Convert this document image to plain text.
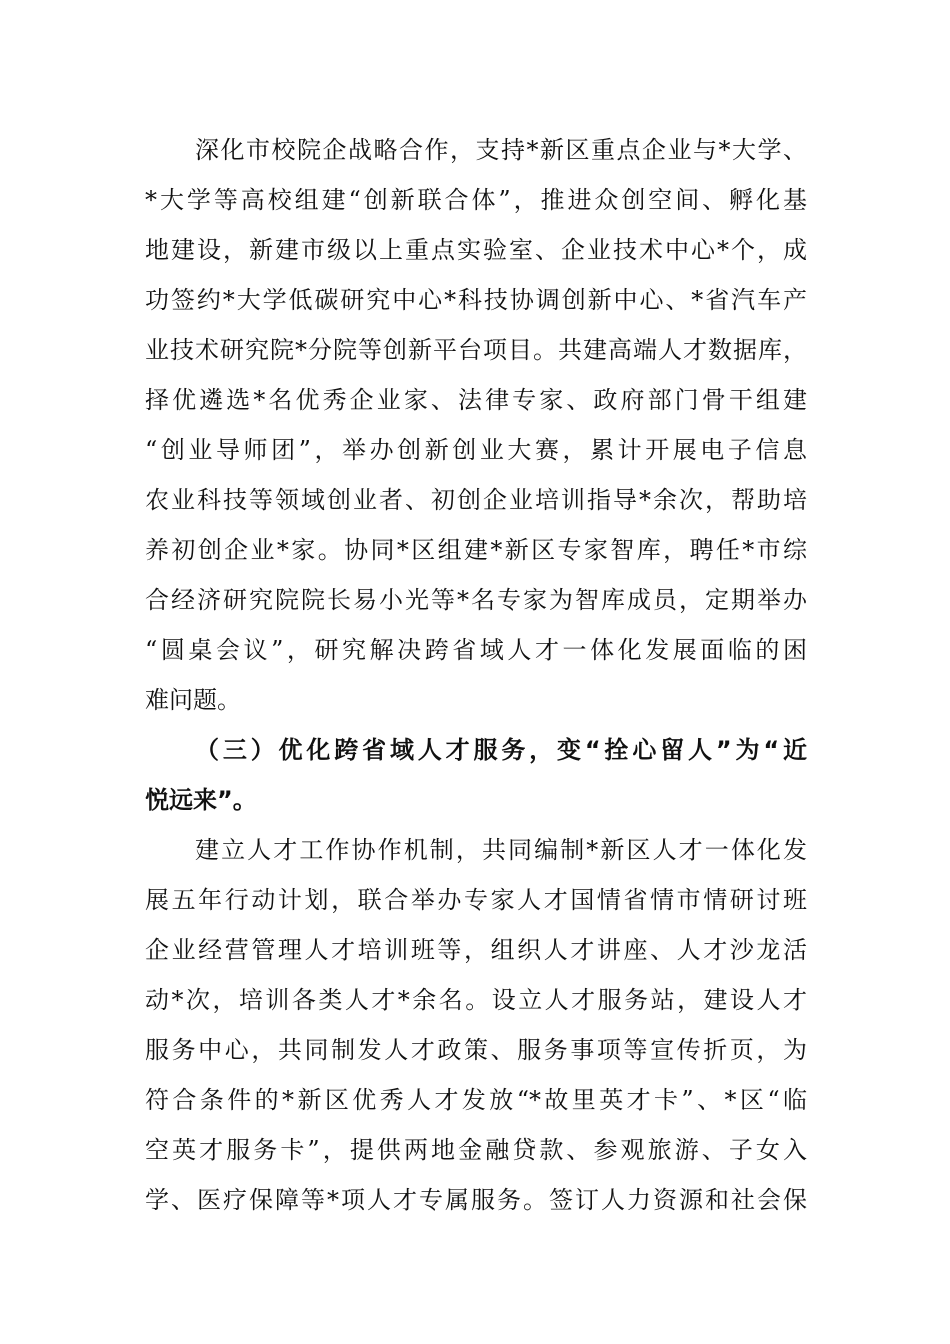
深化市校院企战略合作，支持*新区重点企业与*大学、
*大学等高校组建“创新联合体”，推进众创空间、孵化基
地建设，新建市级以上重点实验室、企业技术中心*个，成
功签约*大学低碳研究中心*科技协调创新中心、*省汽车产
业技术研究院*分院等创新平台项目。共建高端人才数据库，
择优遴选*名优秀企业家、法律专家、政府部门骨干组建
“创业导师团”，举办创新创业大赛，累计开展电子信息
农业科技等领域创业者、初创企业培训指导*余次，帮助培
养初创企业*家。协同*区组建*新区专家智库，聘任*市综
合经济研究院院长易小光等*名专家为智库成员，定期举办
“圆桌会议”，研究解决跨省域人才一体化发展面临的困
难问题。
（三）优化跨省域人才服务，变“拴心留人”为“近
悦远来”。
建立人才工作协作机制，共同编制*新区人才一体化发
展五年行动计划，联合举办专家人才国情省情市情研讨班
企业经营管理人才培训班等，组织人才讲座、人才沙龙活
动*次，培训各类人才*余名。设立人才服务站，建设人才
服务中心，共同制发人才政策、服务事项等宣传折页，为
符合条件的*新区优秀人才发放“*故里英才卡”、*区“临
空英才服务卡”，提供两地金融贷款、参观旅游、子女入
学、医疗保障等*项人才专属服务。签订人力资源和社会保
